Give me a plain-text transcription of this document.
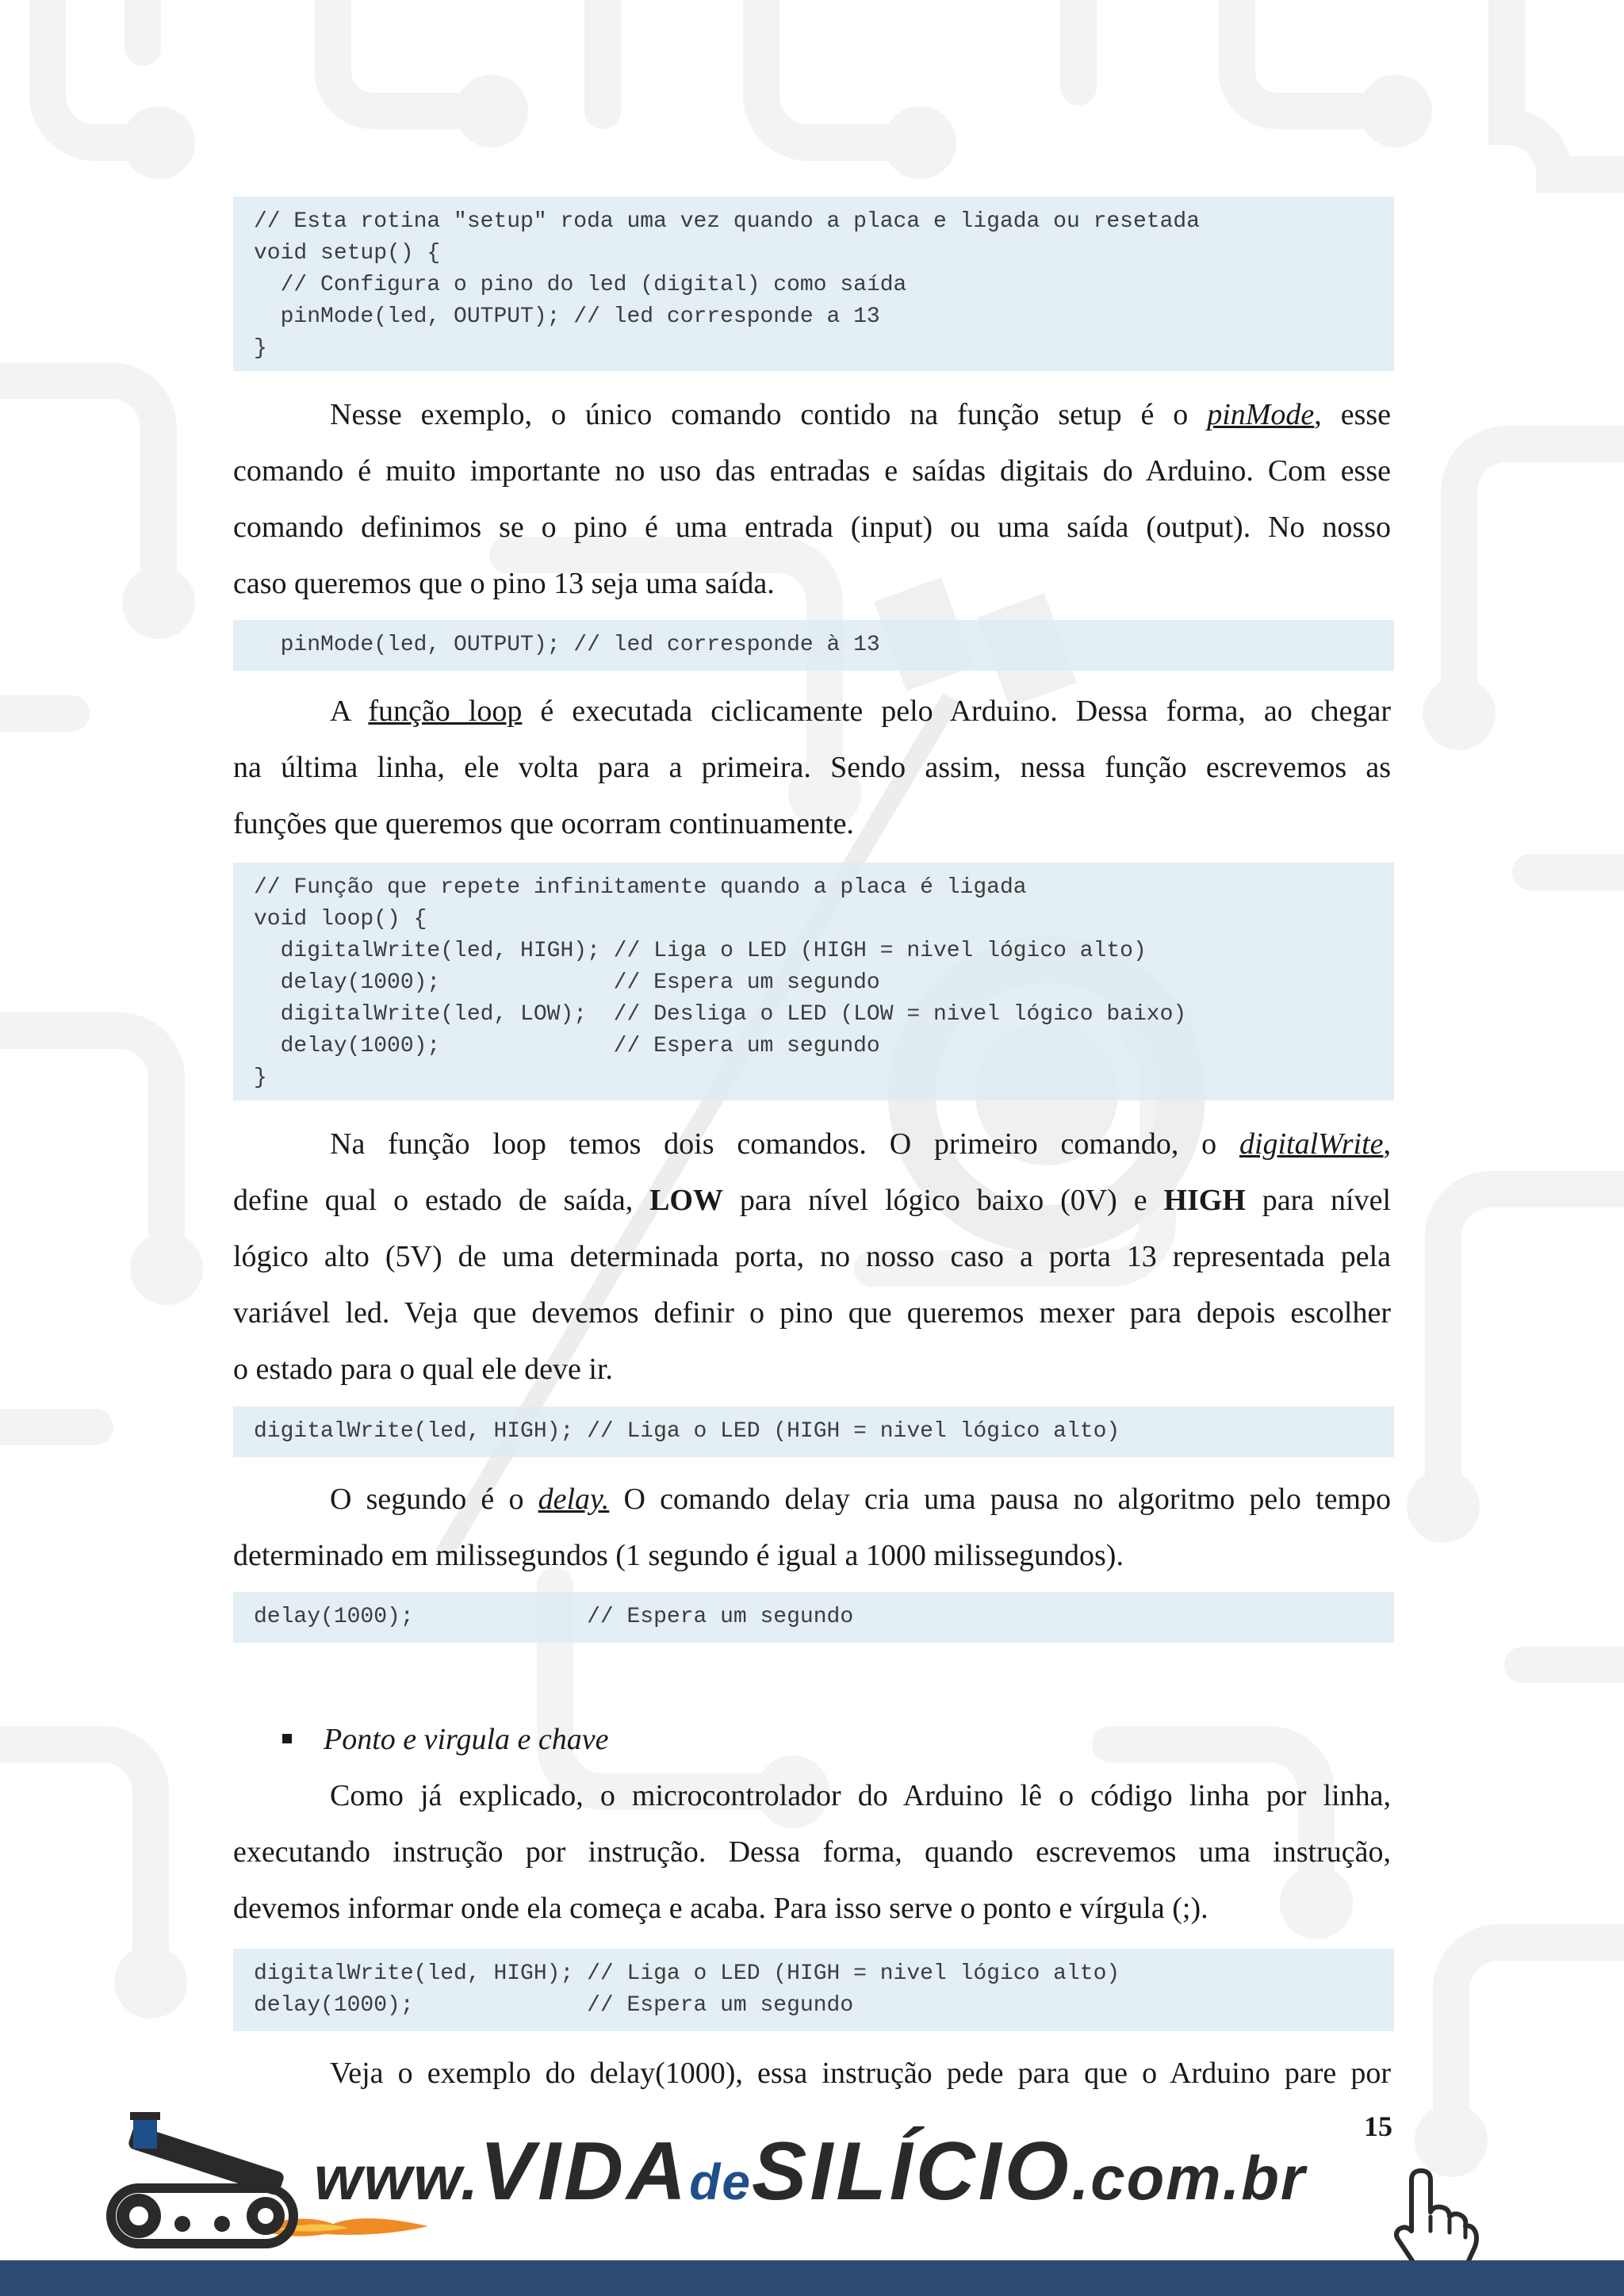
// Esta rotina "setup" roda uma vez quando a placa e ligada ou resetada
void setup() {
// Configura o pino do led (digital) como saída
pinMode(led, OUTPUT); // led corresponde a 13
}
Nesse exemplo, o único comando contido na função setup é o pinMode, esse
comando é muito importante no uso das entradas e saídas digitais do Arduino. Com esse
comando definimos se o pino é uma entrada (input) ou uma saída (output). No nosso
caso queremos que o pino 13 seja uma saída.
pinMode(led, OUTPUT); // led corresponde à 13
A função loop é executada ciclicamente pelo Arduino. Dessa forma, ao chegar
na última linha, ele volta para a primeira. Sendo assim, nessa função escrevemos as
funções que queremos que ocorram continuamente.
// Função que repete infinitamente quando a placa é ligada
void loop() {
digitalWrite(led, HIGH); // Liga o LED (HIGH = nivel lógico alto)
delay(1000);             // Espera um segundo
digitalWrite(led, LOW);  // Desliga o LED (LOW = nivel lógico baixo)
delay(1000);             // Espera um segundo
}
Na função loop temos dois comandos. O primeiro comando, o digitalWrite,
define qual o estado de saída, LOW para nível lógico baixo (0V) e HIGH para nível
lógico alto (5V) de uma determinada porta, no nosso caso a porta 13 representada pela
variável led. Veja que devemos definir o pino que queremos mexer para depois escolher
o estado para o qual ele deve ir.
digitalWrite(led, HIGH); // Liga o LED (HIGH = nivel lógico alto)
O segundo é o delay. O comando delay cria uma pausa no algoritmo pelo tempo
determinado em milissegundos (1 segundo é igual a 1000 milissegundos).
delay(1000);             // Espera um segundo
Ponto e virgula e chave
Como já explicado, o microcontrolador do Arduino lê o código linha por linha,
executando instrução por instrução. Dessa forma, quando escrevemos uma instrução,
devemos informar onde ela começa e acaba. Para isso serve o ponto e vírgula (;).
digitalWrite(led, HIGH); // Liga o LED (HIGH = nivel lógico alto)
delay(1000);             // Espera um segundo
Veja o exemplo do delay(1000), essa instrução pede para que o Arduino pare por
15
www.VIDAdeSILÍCIO.com.br
